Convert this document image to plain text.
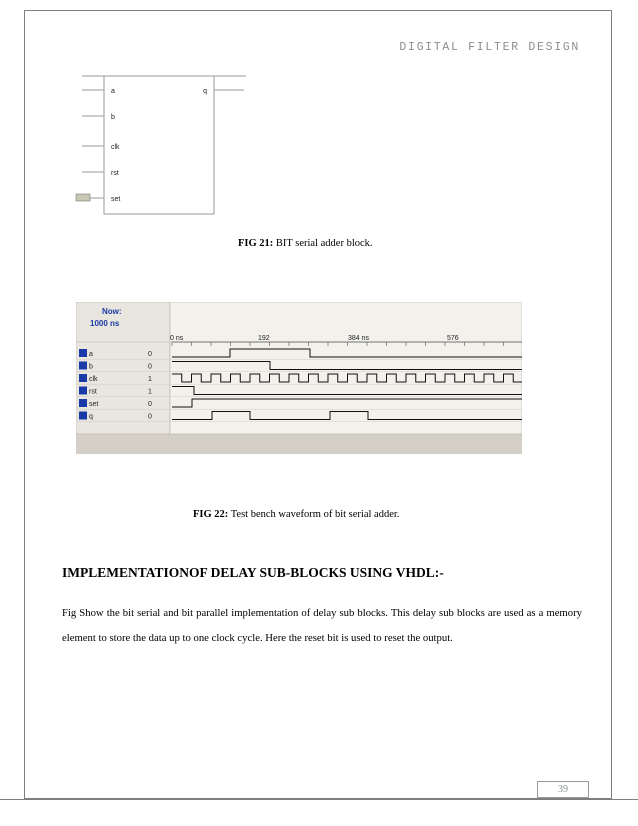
DIGITAL FILTER DESIGN
a
b
clk
rst
set
q
FIG 21: BIT serial adder block.
Now:
1000 ns
0 ns	192	384 ns	576
a	0
b	0
clk	1
rst	1
set	0
q	0
FIG 22: Test bench waveform of bit serial adder.
IMPLEMENTATIONOF DELAY SUB-BLOCKS USING VHDL:-
Fig Show the bit serial and bit parallel implementation of delay sub blocks. This delay sub blocks are used as a memory element to store the data up to one clock cycle. Here the reset bit is used to reset the output.
39
